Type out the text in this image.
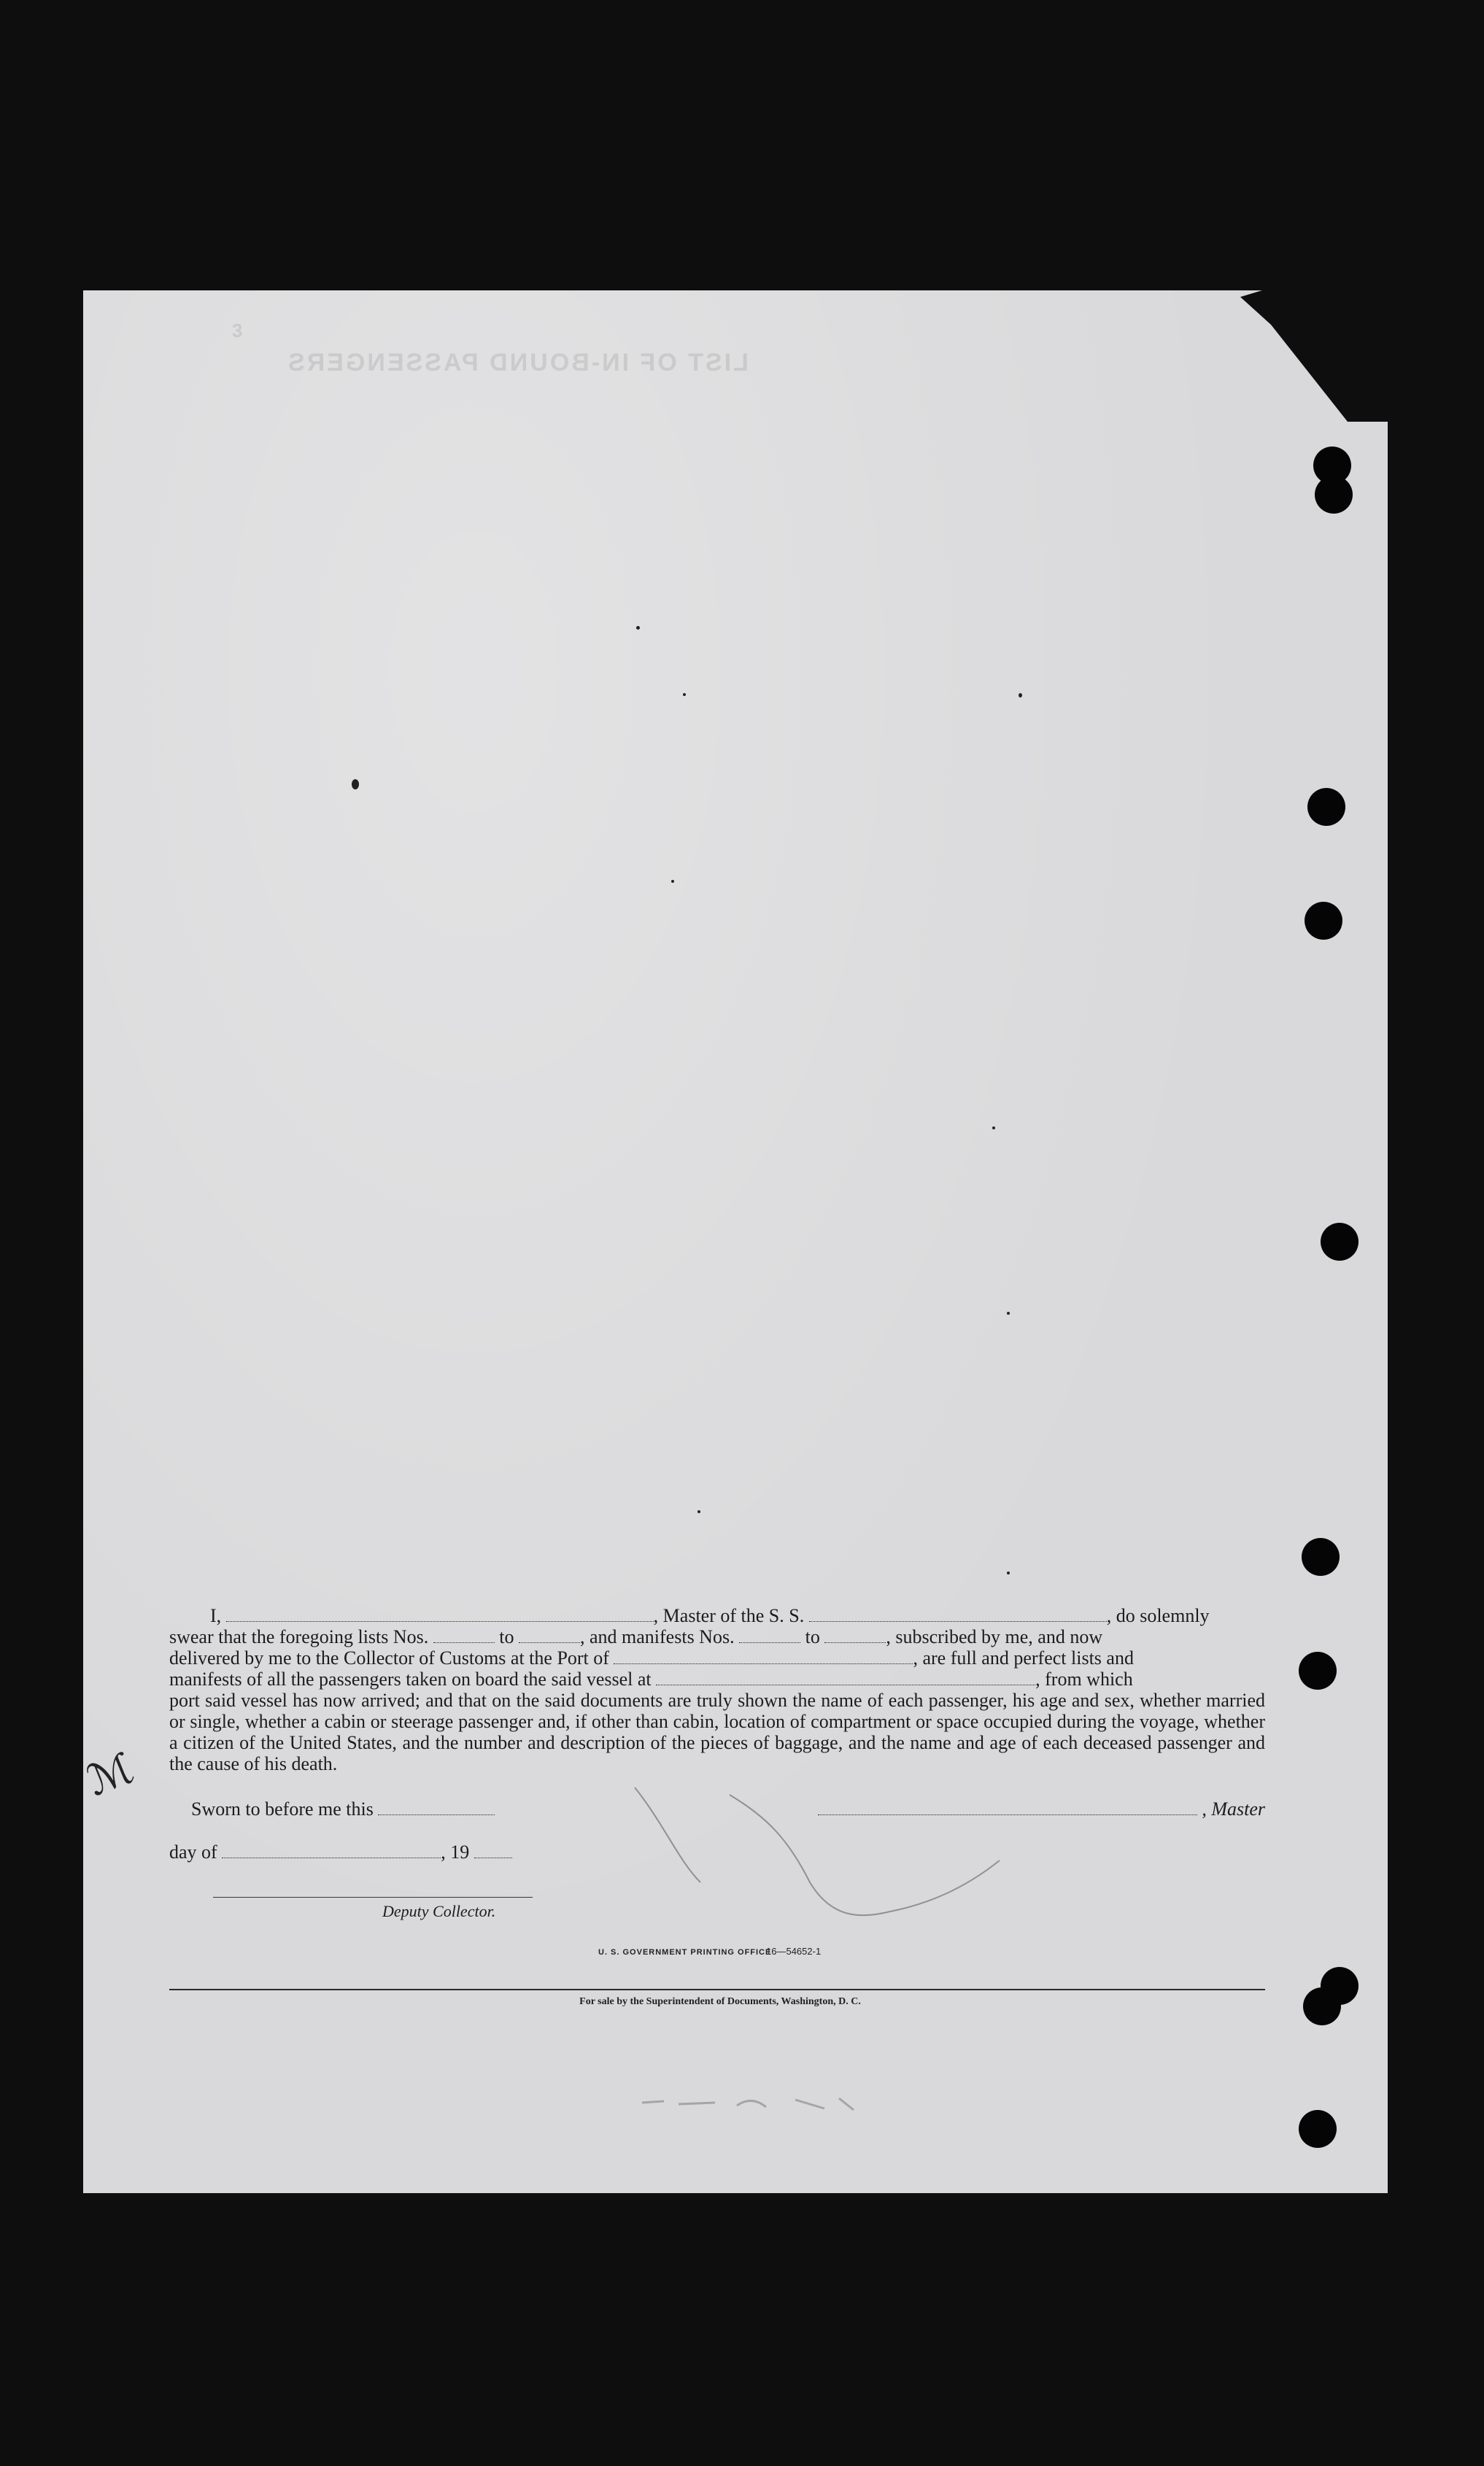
3
LIST OF IN-BOUND PASSENGERS

I,	, Master of the S. S.	, do solemnly

swear that the foregoing lists Nos.	to	, and manifests Nos.	to	, subscribed by me, and now

delivered by me to the Collector of Customs at the Port of	, are full and perfect lists and

manifests of all the passengers taken on board the said vessel at	, from which

port said vessel has now arrived; and that on the said documents are truly shown the name of each passenger, his age and sex, whether married or single, whether a cabin or steerage passenger and, if other than cabin, location of compartment or space occupied during the voyage, whether a citizen of the United States, and the number and description of the pieces of baggage, and the name and age of each deceased passenger and the cause of his death.

Sworn to before me this	, Master
day of	, 19
Deputy Collector.
ℳ
U. S. GOVERNMENT PRINTING OFFICE
16—54652-1
For sale by the Superintendent of Documents, Washington, D. C.
